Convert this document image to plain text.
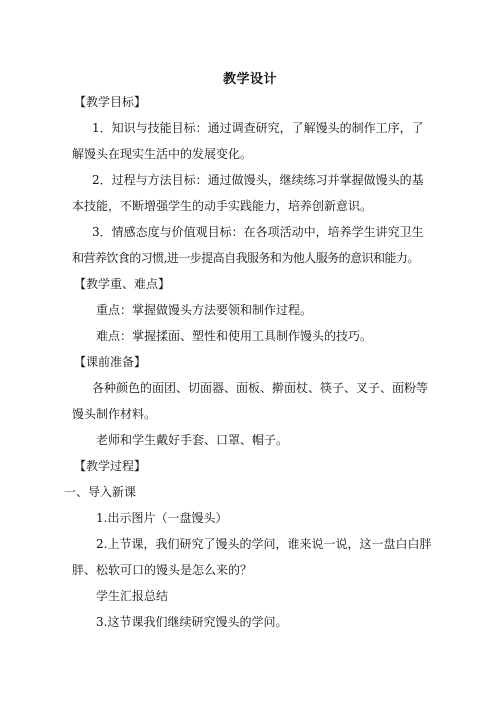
教学设计
【教学目标】
1．知识与技能目标：通过调查研究，了解馒头的制作工序，了
解馒头在现实生活中的发展变化。
2．过程与方法目标：通过做馒头，继续练习并掌握做馒头的基
本技能，不断增强学生的动手实践能力，培养创新意识。
3．情感态度与价值观目标：在各项活动中，培养学生讲究卫生
和营养饮食的习惯,进一步提高自我服务和为他人服务的意识和能力。
【教学重、难点】
重点：掌握做馒头方法要领和制作过程。
难点：掌握揉面、塑性和使用工具制作馒头的技巧。
【课前准备】
各种颜色的面团、切面器、面板、擀面杖、筷子、叉子、面粉等
馒头制作材料。
老师和学生戴好手套、口罩、帽子。
【教学过程】
一、导入新课
1.出示图片（一盘馒头）
2.上节课，我们研究了馒头的学问，谁来说一说，这一盘白白胖
胖、松软可口的馒头是怎么来的？
学生汇报总结
3.这节课我们继续研究馒头的学问。
